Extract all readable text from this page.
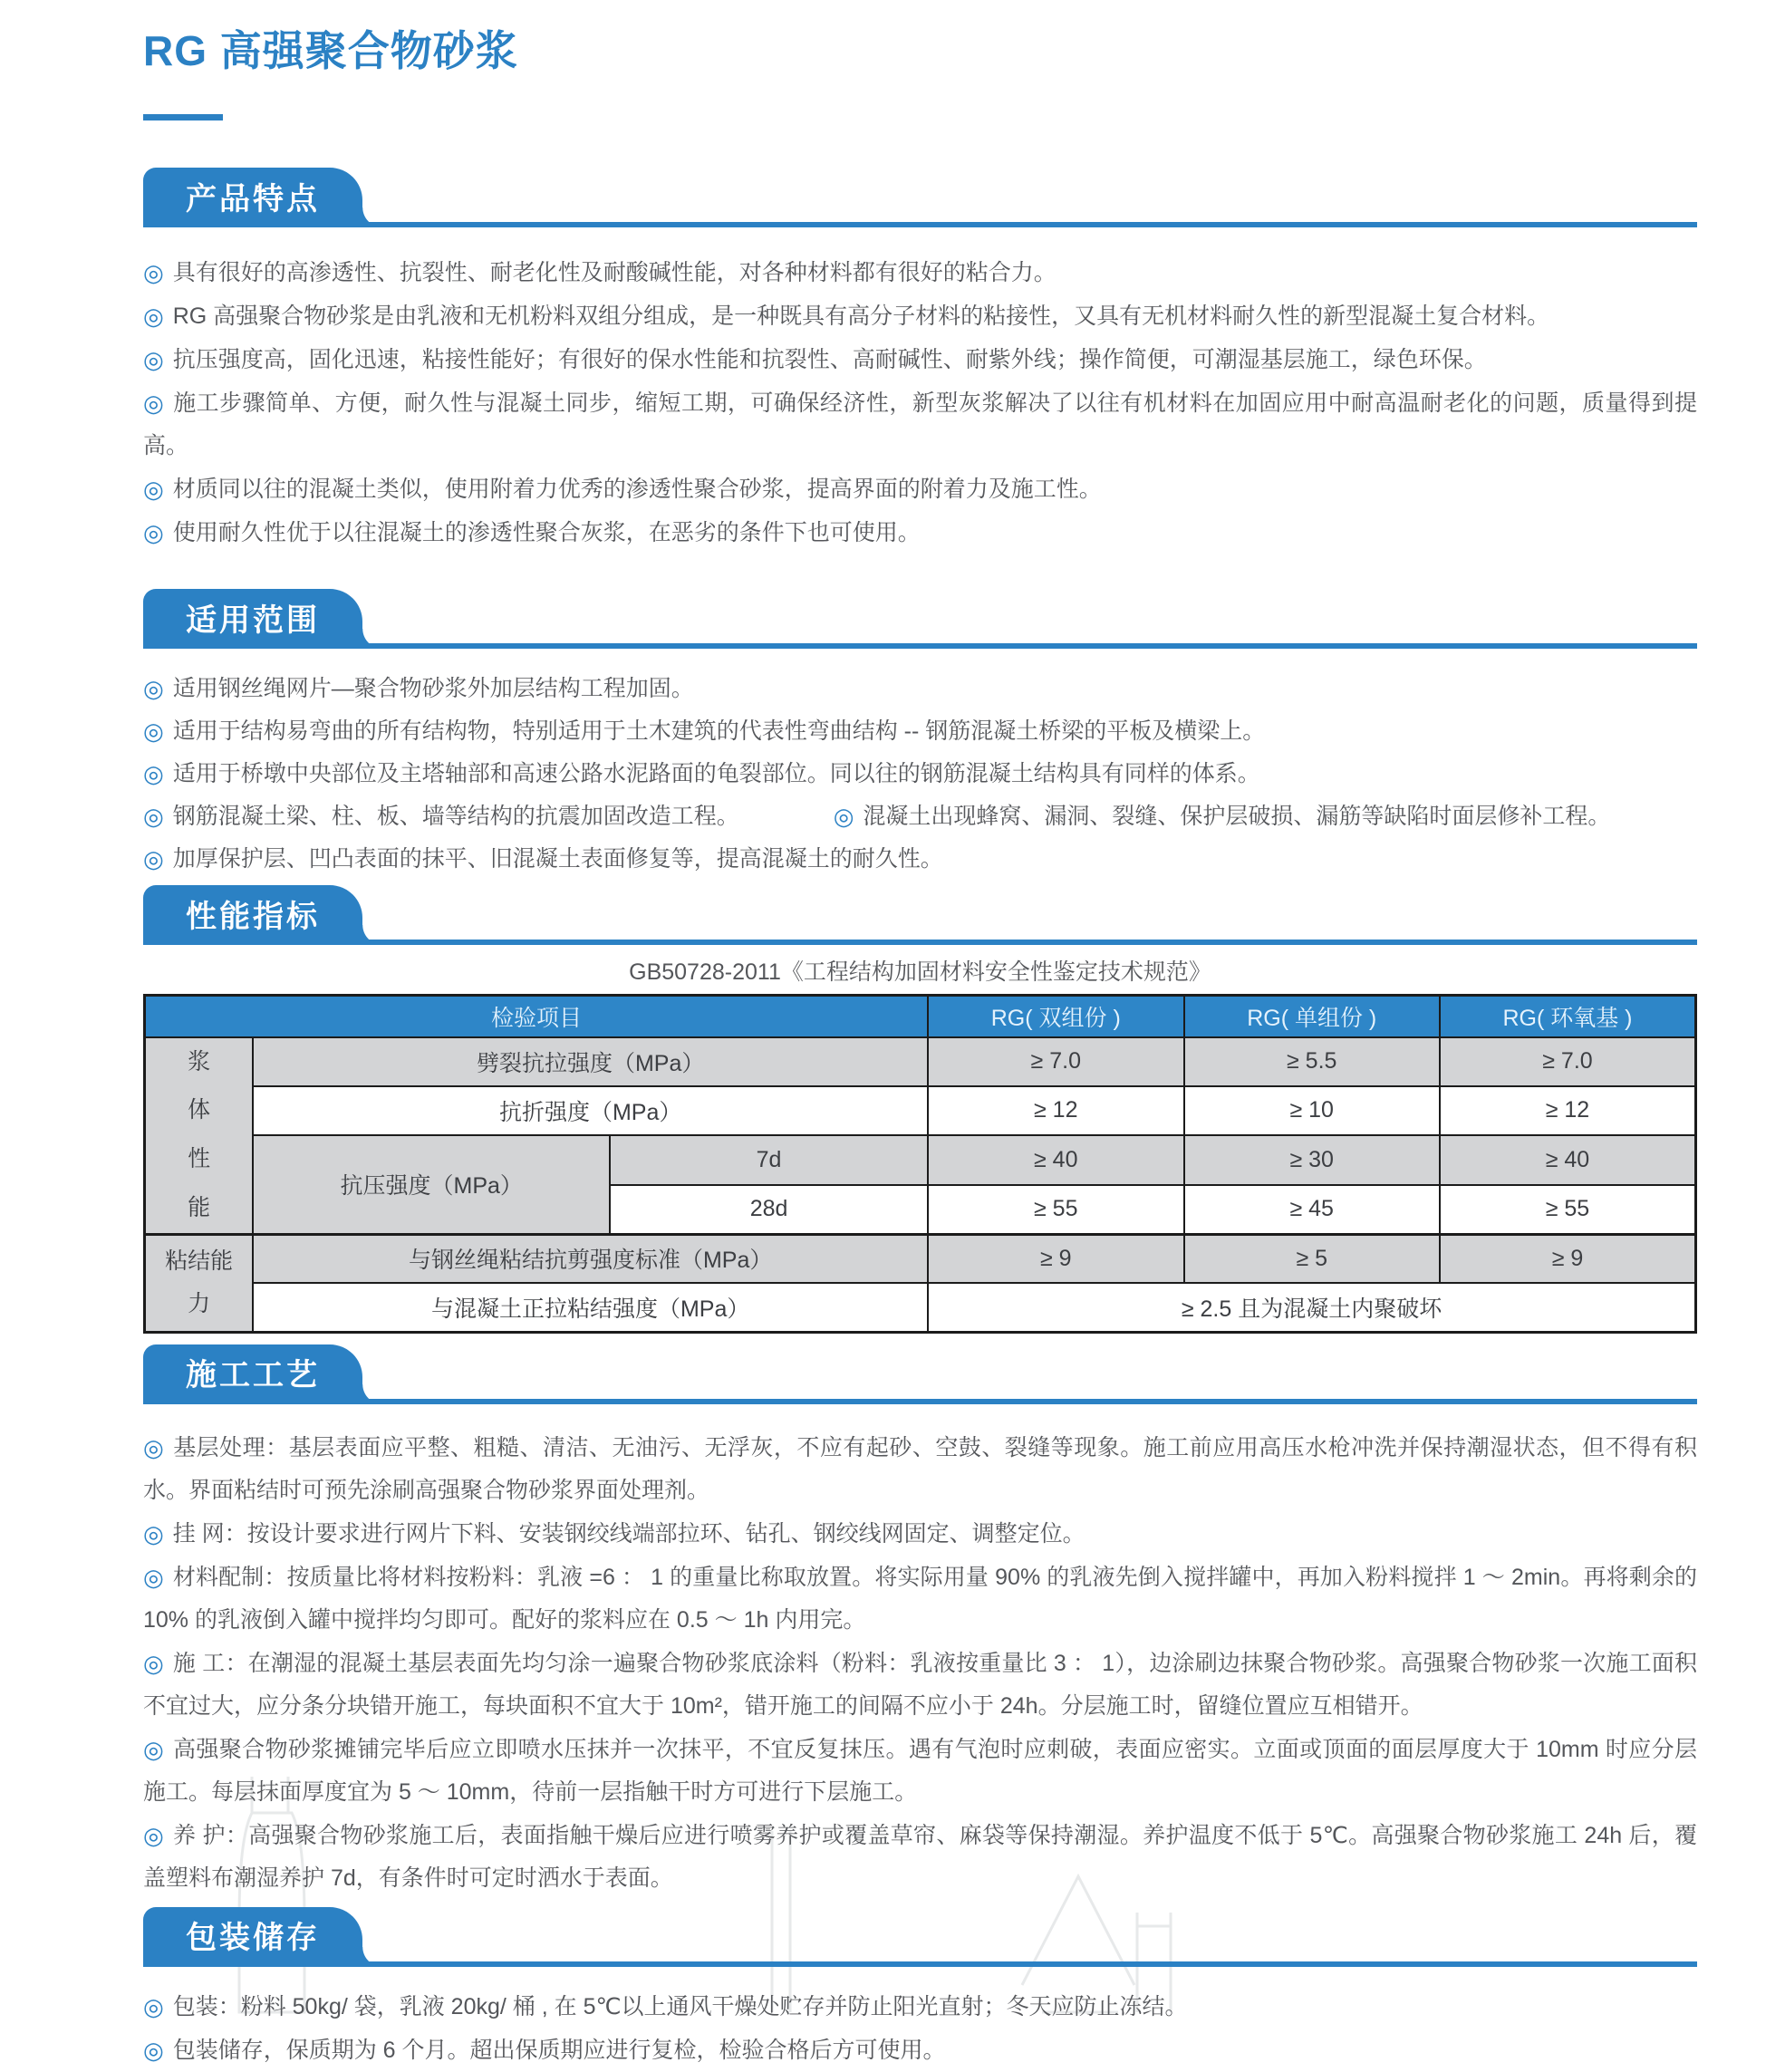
RG 高强聚合物砂浆
产品特点

◎ 具有很好的高渗透性、抗裂性、耐老化性及耐酸碱性能，对各种材料都有很好的粘合力。

◎ RG 高强聚合物砂浆是由乳液和无机粉料双组分组成，是一种既具有高分子材料的粘接性，又具有无机材料耐久性的新型混凝土复合材料。

◎ 抗压强度高，固化迅速，粘接性能好；有很好的保水性能和抗裂性、高耐碱性、耐紫外线；操作简便，可潮湿基层施工，绿色环保。

◎ 施工步骤简单、方便，耐久性与混凝土同步，缩短工期，可确保经济性，新型灰浆解决了以往有机材料在加固应用中耐高温耐老化的问题，质量得到提高。

◎ 材质同以往的混凝土类似，使用附着力优秀的渗透性聚合砂浆，提高界面的附着力及施工性。

◎ 使用耐久性优于以往混凝土的渗透性聚合灰浆，在恶劣的条件下也可使用。

适用范围

◎ 适用钢丝绳网片—聚合物砂浆外加层结构工程加固。

◎ 适用于结构易弯曲的所有结构物，特别适用于土木建筑的代表性弯曲结构 -- 钢筋混凝土桥梁的平板及横梁上。

◎ 适用于桥墩中央部位及主塔轴部和高速公路水泥路面的龟裂部位。同以往的钢筋混凝土结构具有同样的体系。

◎ 钢筋混凝土梁、柱、板、墙等结构的抗震加固改造工程。	◎ 混凝土出现蜂窝、漏洞、裂缝、保护层破损、漏筋等缺陷时面层修补工程。

◎ 加厚保护层、凹凸表面的抹平、旧混凝土表面修复等，提高混凝土的耐久性。

性能指标

GB50728-2011《工程结构加固材料安全性鉴定技术规范》

检验项目			RG( 双组份 )	RG( 单组份 )	RG( 环氧基 )
浆体性能	劈裂抗拉强度（MPa）		≥ 7.0	≥ 5.5	≥ 7.0
	抗折强度（MPa）		≥ 12	≥ 10	≥ 12
	抗压强度（MPa）	7d	≥ 40	≥ 30	≥ 40
		28d	≥ 55	≥ 45	≥ 55
粘结能力	与钢丝绳粘结抗剪强度标准（MPa）		≥ 9	≥ 5	≥ 9
	与混凝土正拉粘结强度（MPa）		≥ 2.5 且为混凝土内聚破坏		
施工工艺

◎ 基层处理：基层表面应平整、粗糙、清洁、无油污、无浮灰，不应有起砂、空鼓、裂缝等现象。施工前应用高压水枪冲洗并保持潮湿状态，但不得有积水。界面粘结时可预先涂刷高强聚合物砂浆界面处理剂。

◎ 挂 网：按设计要求进行网片下料、安装钢绞线端部拉环、钻孔、钢绞线网固定、调整定位。

◎ 材料配制：按质量比将材料按粉料：乳液 =6 ： 1 的重量比称取放置。将实际用量 90% 的乳液先倒入搅拌罐中，再加入粉料搅拌 1 ～ 2min。再将剩余的 10% 的乳液倒入罐中搅拌均匀即可。配好的浆料应在 0.5 ～ 1h 内用完。

◎ 施 工：在潮湿的混凝土基层表面先均匀涂一遍聚合物砂浆底涂料（粉料：乳液按重量比 3 ： 1），边涂刷边抹聚合物砂浆。高强聚合物砂浆一次施工面积不宜过大，应分条分块错开施工，每块面积不宜大于 10m²，错开施工的间隔不应小于 24h。分层施工时，留缝位置应互相错开。

◎ 高强聚合物砂浆摊铺完毕后应立即喷水压抹并一次抹平，不宜反复抹压。遇有气泡时应刺破，表面应密实。立面或顶面的面层厚度大于 10mm 时应分层施工。每层抹面厚度宜为 5 ～ 10mm，待前一层指触干时方可进行下层施工。

◎ 养 护：高强聚合物砂浆施工后，表面指触干燥后应进行喷雾养护或覆盖草帘、麻袋等保持潮湿。养护温度不低于 5℃。高强聚合物砂浆施工 24h 后，覆盖塑料布潮湿养护 7d，有条件时可定时洒水于表面。

包装储存

◎ 包装：粉料 50kg/ 袋，乳液 20kg/ 桶 , 在 5℃以上通风干燥处贮存并防止阳光直射；冬天应防止冻结。

◎ 包装储存，保质期为 6 个月。超出保质期应进行复检，检验合格后方可使用。
